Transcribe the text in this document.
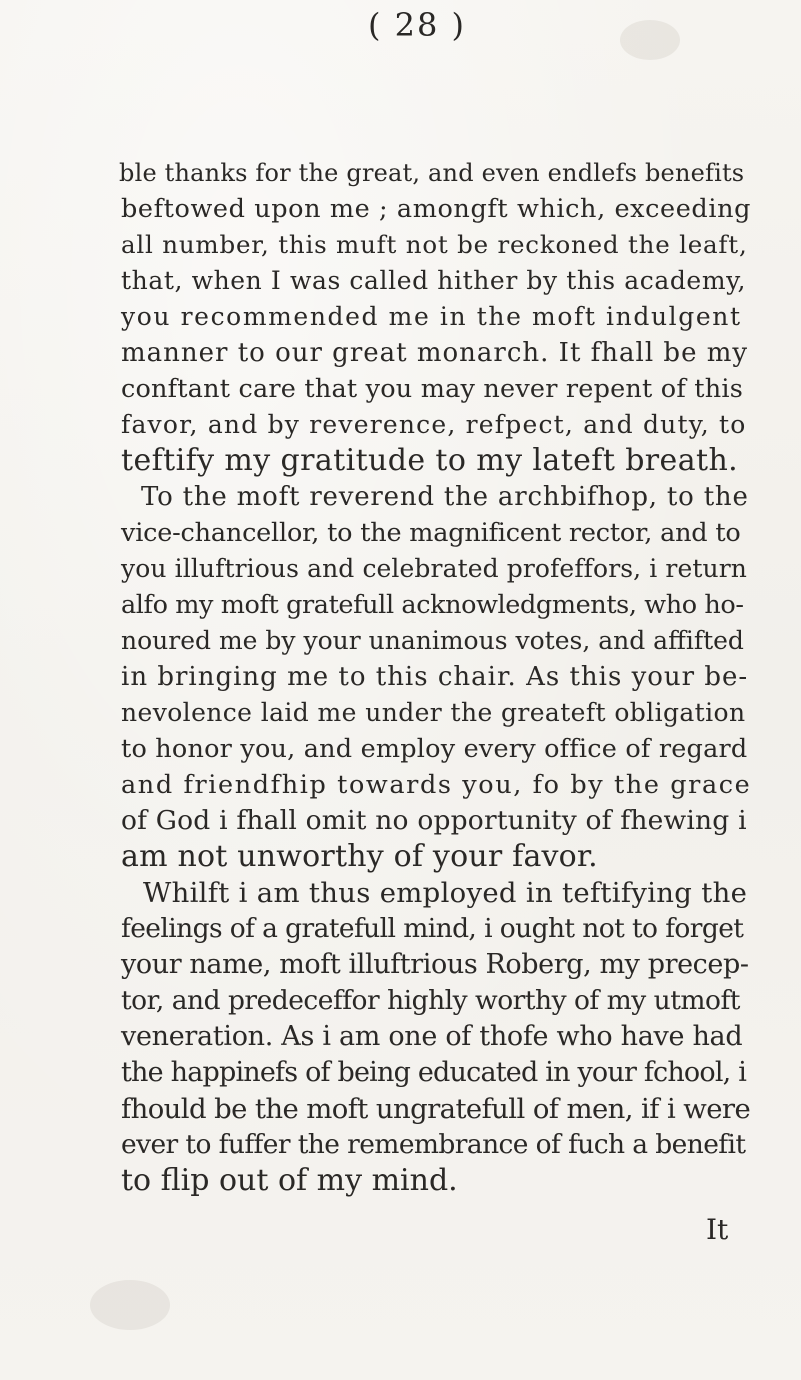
( 28 )
ble thanks for the great, and even endlefs benefits
beftowed upon me ; amongft which, exceeding
all number, this muft not be reckoned the leaft,
that, when I was called hither by this academy,
you recommended me in the moft indulgent
manner to our great monarch. It fhall be my
conftant care that you may never repent of this
favor, and by reverence, refpect, and duty, to
teftify my gratitude to my lateft breath.
To the moft reverend the archbifhop, to the
vice-chancellor, to the magnificent rector, and to
you illuftrious and celebrated profeffors, i return
alfo my moft gratefull acknowledgments, who ho-
noured me by your unanimous votes, and affifted
in bringing me to this chair. As this your be-
nevolence laid me under the greateft obligation
to honor you, and employ every office of regard
and friendfhip towards you, fo by the grace
of God i fhall omit no opportunity of fhewing i
am not unworthy of your favor.
Whilft i am thus employed in teftifying the
feelings of a gratefull mind, i ought not to forget
your name, moft illuftrious Roberg, my precep-
tor, and predeceffor highly worthy of my utmoft
veneration. As i am one of thofe who have had
the happinefs of being educated in your fchool, i
fhould be the moft ungratefull of men, if i were
ever to fuffer the remembrance of fuch a benefit
to flip out of my mind.
It
